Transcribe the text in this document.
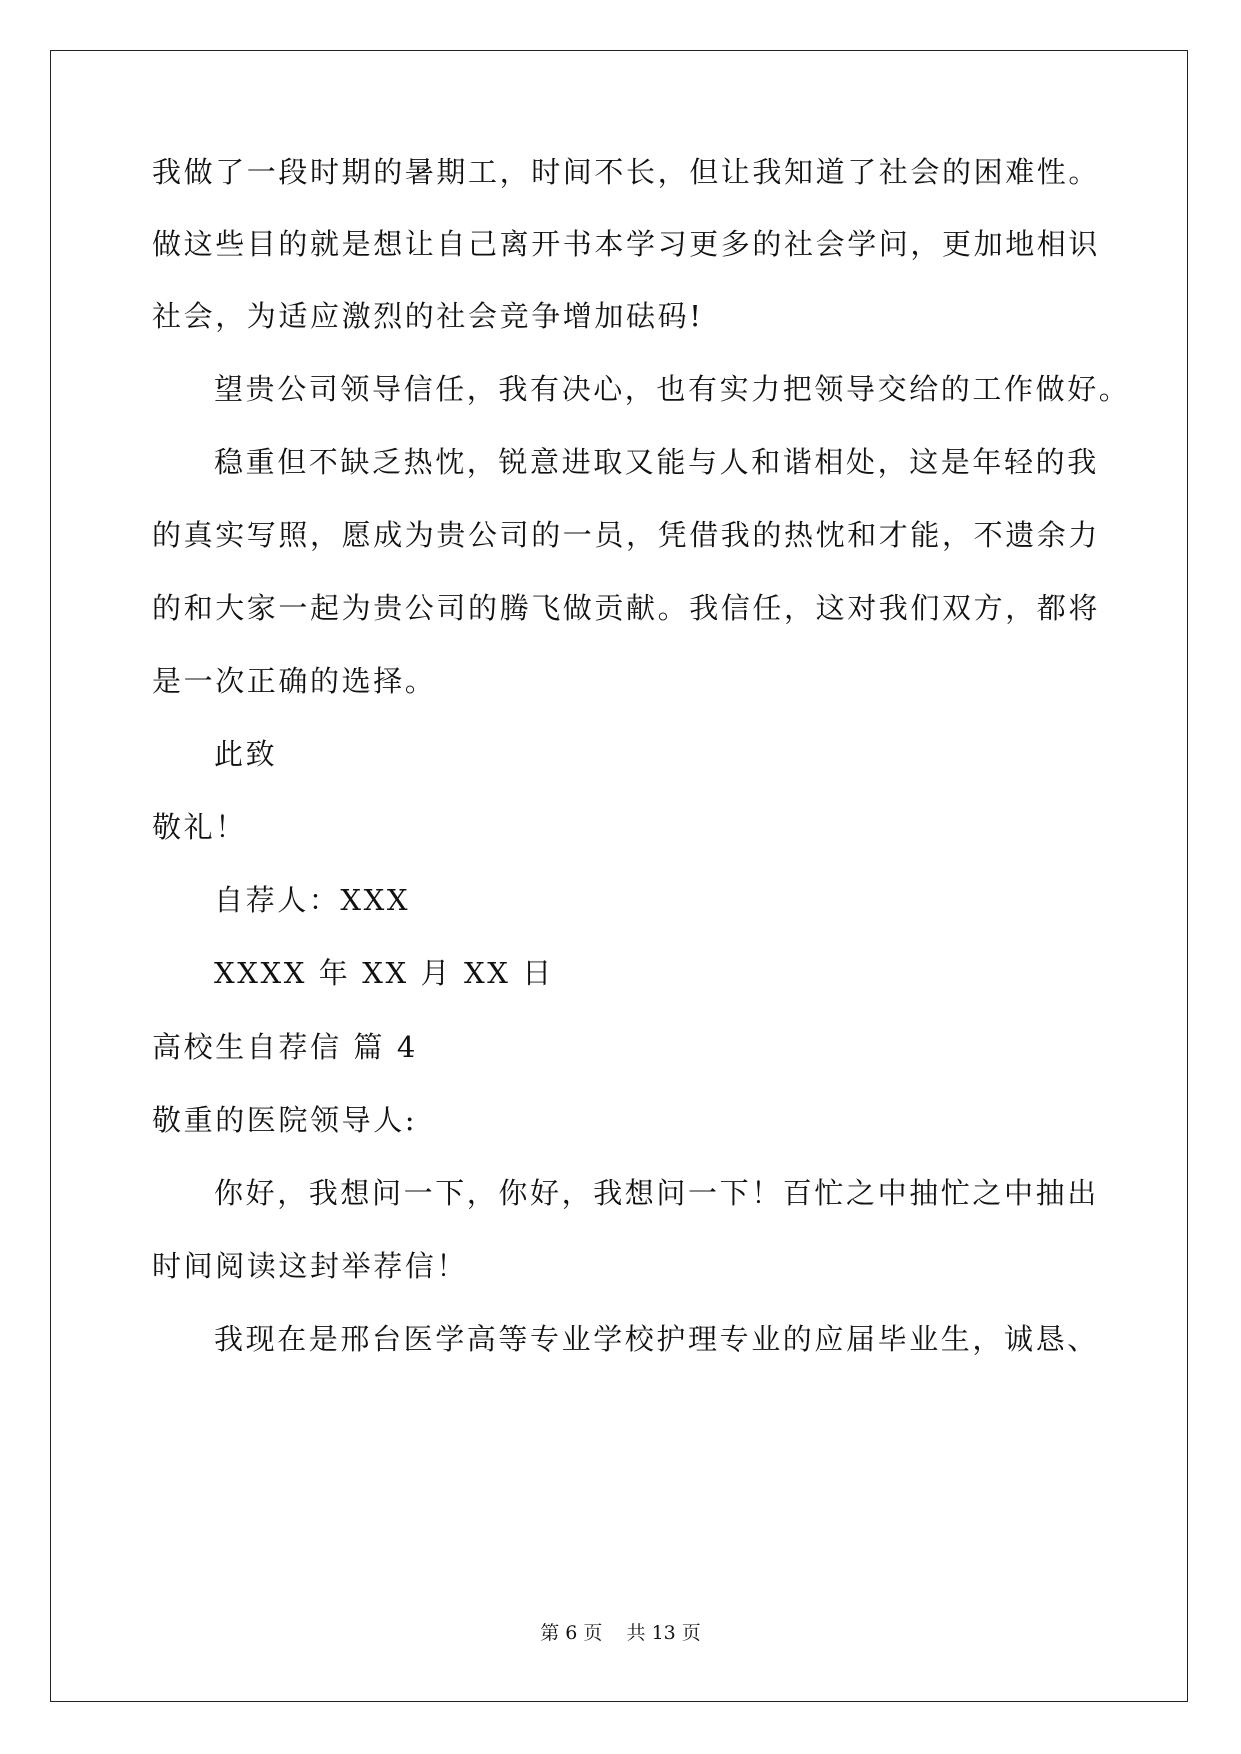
我做了一段时期的暑期工，时间不长，但让我知道了社会的困难性。
做这些目的就是想让自己离开书本学习更多的社会学问，更加地相识
社会，为适应激烈的社会竞争增加砝码!
望贵公司领导信任，我有决心，也有实力把领导交给的工作做好。
稳重但不缺乏热忱，锐意进取又能与人和谐相处，这是年轻的我
的真实写照，愿成为贵公司的一员，凭借我的热忱和才能，不遗余力
的和大家一起为贵公司的腾飞做贡献。我信任，这对我们双方，都将
是一次正确的选择。
此致
敬礼！
自荐人：XXX
XXXX 年 XX 月 XX 日
高校生自荐信 篇 4
敬重的医院领导人:
你好，我想问一下，你好，我想问一下！百忙之中抽忙之中抽出
时间阅读这封举荐信！
我现在是邢台医学高等专业学校护理专业的应届毕业生，诚恳、
第 6 页    共 13 页
